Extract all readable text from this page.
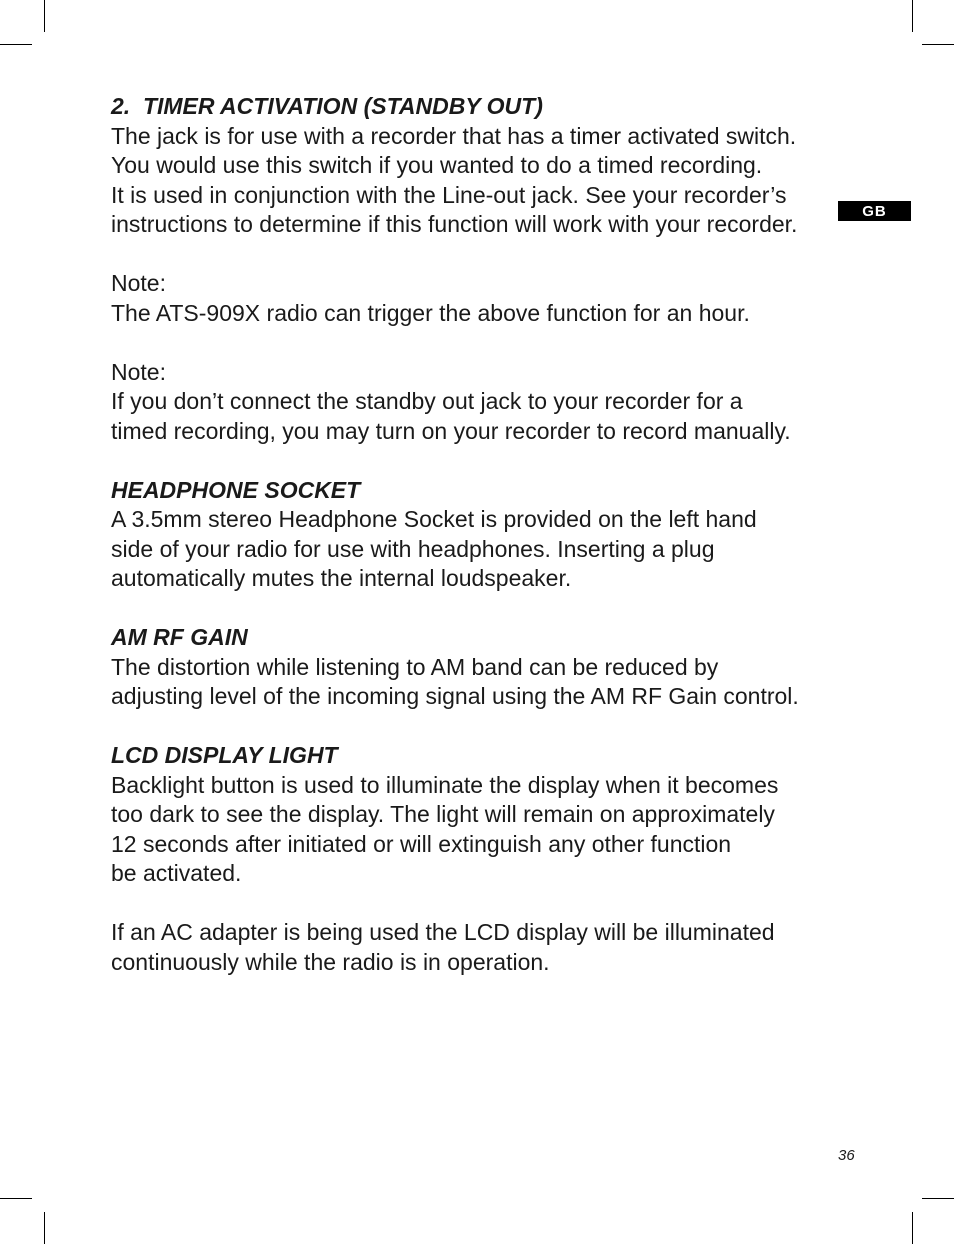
GB

2.  TIMER ACTIVATION (STANDBY OUT)

The jack is for use with a recorder that has a timer activated switch.

You would use this switch if you wanted to do a timed recording.

It is used in conjunction with the Line-out jack. See your recorder’s

instructions to determine if this function will work with your recorder.

Note:

The ATS-909X radio can trigger the above function for an hour.

Note:

If you don’t connect the standby out jack to your recorder for a

timed recording, you may turn on your recorder to record manually.

HEADPHONE SOCKET

A 3.5mm stereo Headphone Socket is provided on the left hand

side of your radio for use with headphones. Inserting a plug

automatically mutes the internal loudspeaker.

AM RF GAIN

The distortion while listening to AM band can be reduced by

adjusting level of the incoming signal using the AM RF Gain control.

LCD DISPLAY LIGHT

Backlight button is used to illuminate the display when it becomes

too dark to see the display. The light will remain on approximately

12 seconds after initiated or will extinguish any other function

be activated.

If an AC adapter is being used the LCD display will be illuminated

continuously while the radio is in operation.

36
